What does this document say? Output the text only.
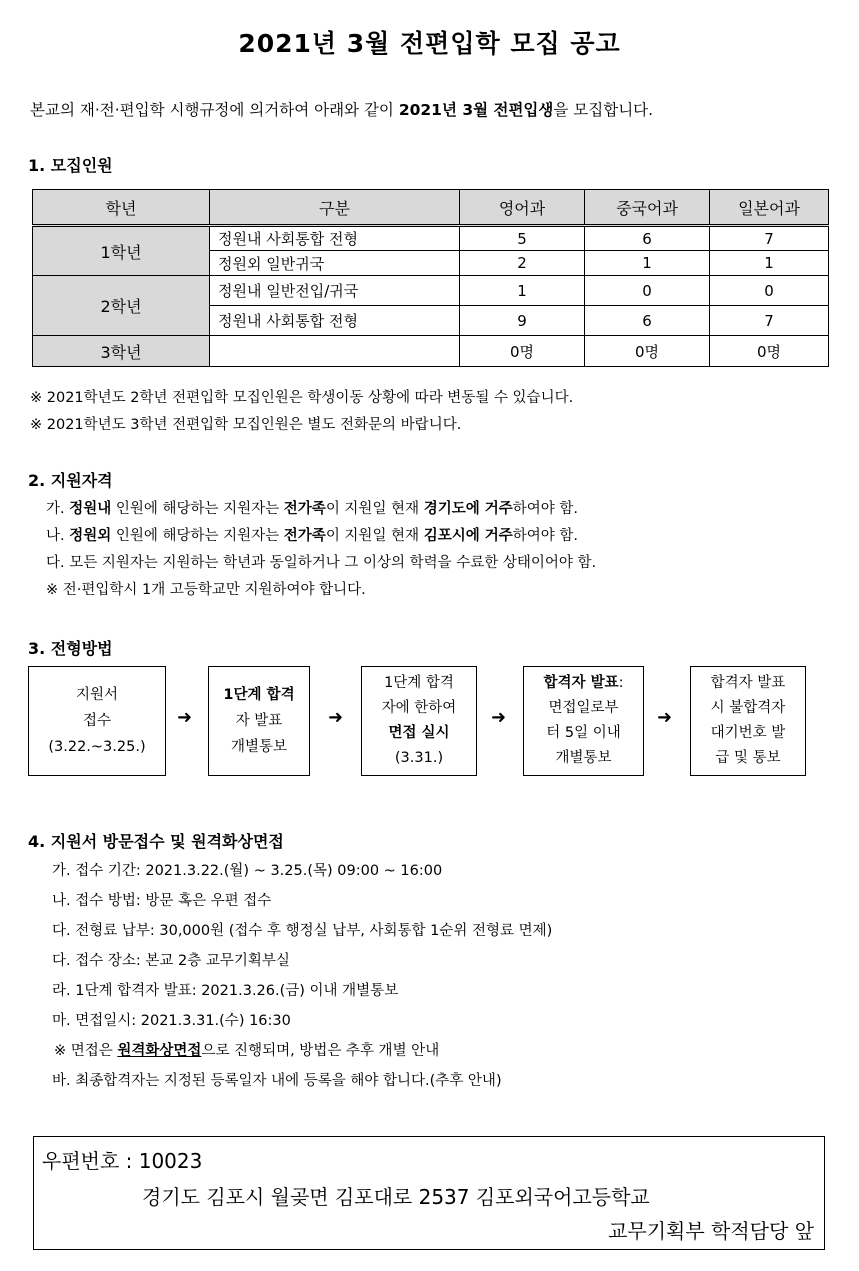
2021년 3월 전편입학 모집 공고
본교의 재·전·편입학 시행규정에 의거하여 아래와 같이 2021년 3월 전편입생을 모집합니다.
1. 모집인원
학년	구분	영어과	중국어과	일본어과
1학년	정원내 사회통합 전형	5	6	7
	정원외 일반귀국	2	1	1
2학년	정원내 일반전입/귀국	1	0	0
	정원내 사회통합 전형	9	6	7
3학년		0명	0명	0명
※ 2021학년도 2학년 전편입학 모집인원은 학생이동 상황에 따라 변동될 수 있습니다.
※ 2021학년도 3학년 전편입학 모집인원은 별도 전화문의 바랍니다.
2. 지원자격
가. 정원내 인원에 해당하는 지원자는 전가족이 지원일 현재 경기도에 거주하여야 함.
나. 정원외 인원에 해당하는 지원자는 전가족이 지원일 현재 김포시에 거주하여야 함.
다. 모든 지원자는 지원하는 학년과 동일하거나 그 이상의 학력을 수료한 상태이어야 함.
※ 전·편입학시 1개 고등학교만 지원하여야 합니다.
3. 전형방법
지원서
접수
(3.22.~3.25.)
➜
1단계 합격
자 발표
개별통보
➜
1단계 합격
자에 한하여
면접 실시
(3.31.)
➜
합격자 발표:
면접일로부
터 5일 이내
개별통보
➜
합격자 발표
시 불합격자
대기번호 발
급 및 통보
4. 지원서 방문접수 및 원격화상면접
가. 접수 기간: 2021.3.22.(월) ~ 3.25.(목) 09:00 ~ 16:00
나. 접수 방법: 방문 혹은 우편 접수
다. 전형료 납부: 30,000원 (접수 후 행정실 납부, 사회통합 1순위 전형료 면제)
다. 접수 장소: 본교 2층 교무기획부실
라. 1단계 합격자 발표: 2021.3.26.(금) 이내 개별통보
마. 면접일시: 2021.3.31.(수) 16:30
※ 면접은 원격화상면접으로 진행되며, 방법은 추후 개별 안내
바. 최종합격자는 지정된 등록일자 내에 등록을 해야 합니다.(추후 안내)
우편번호 : 10023
경기도 김포시 월곶면 김포대로 2537 김포외국어고등학교
교무기획부 학적담당 앞
